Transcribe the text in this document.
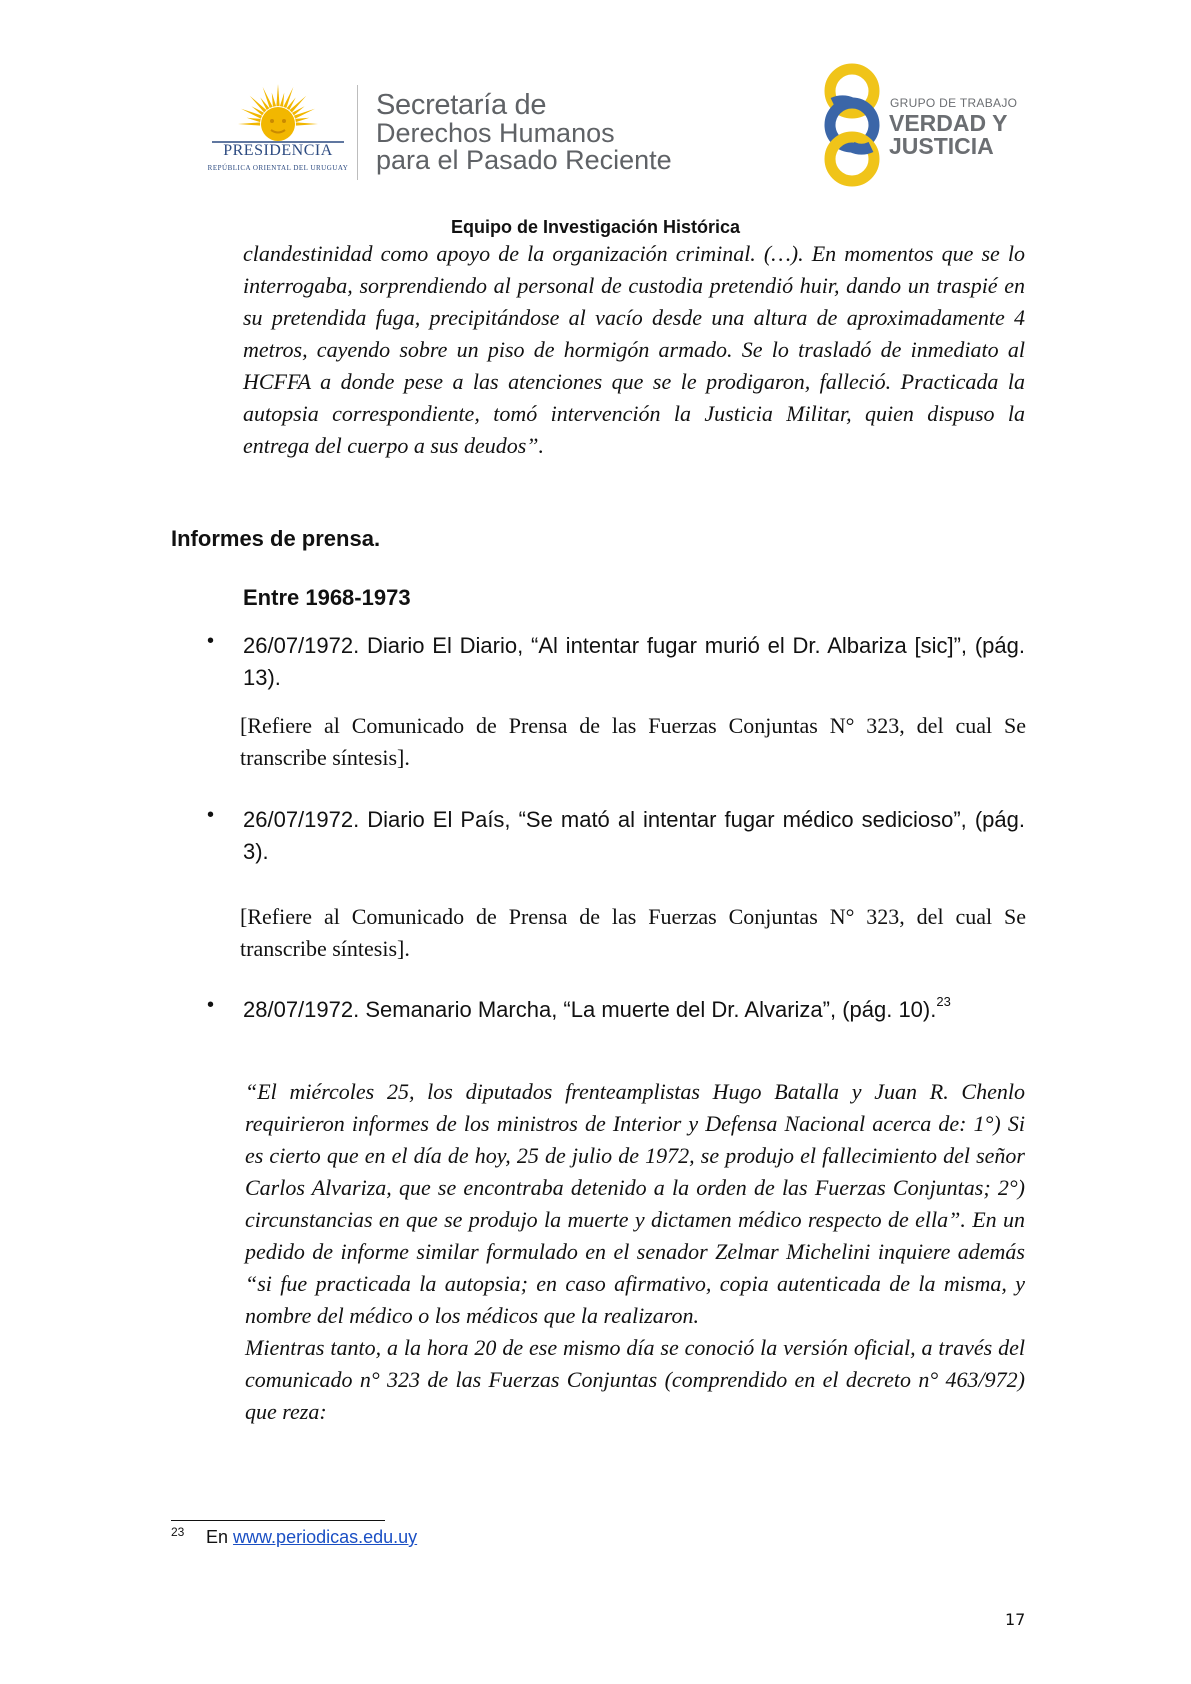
PRESIDENCIA
REPÚBLICA ORIENTAL DEL URUGUAY
Secretaría de
Derechos Humanos
para el Pasado Reciente
GRUPO DE TRABAJO
VERDAD Y
JUSTICIA
Equipo de Investigación Histórica

clandestinidad como apoyo de la organización criminal. (…). En momentos que se lo interrogaba, sorprendiendo al personal de custodia pretendió huir, dando un traspié en su pretendida fuga, precipitándose al vacío desde una altura de aproximadamente 4 metros, cayendo sobre un piso de hormigón armado. Se lo trasladó de inmediato al HCFFA a donde pese a las atenciones que se le prodigaron, falleció. Practicada la autopsia correspondiente, tomó intervención la Justicia Militar, quien dispuso la entrega del cuerpo a sus deudos”.

Informes de prensa.
Entre 1968-1973
• 26/07/1972. Diario El Diario, “Al intentar fugar murió el Dr. Albariza [sic]”, (pág. 13).

[Refiere al Comunicado de Prensa de las Fuerzas Conjuntas N° 323, del cual Se transcribe síntesis].

• 26/07/1972. Diario El País, “Se mató al intentar fugar médico sedicioso”, (pág. 3).

[Refiere al Comunicado de Prensa de las Fuerzas Conjuntas N° 323, del cual Se transcribe síntesis].

• 28/07/1972. Semanario Marcha, “La muerte del Dr. Alvariza”, (pág. 10).$^{23}$

“El miércoles 25, los diputados frenteamplistas Hugo Batalla y Juan R. Chenlo requirieron informes de los ministros de Interior y Defensa Nacional acerca de: 1°) Si es cierto que en el día de hoy, 25 de julio de 1972, se produjo el fallecimiento del señor Carlos Alvariza, que se encontraba detenido a la orden de las Fuerzas Conjuntas; 2°) circunstancias en que se produjo la muerte y dictamen médico respecto de ella”. En un pedido de informe similar formulado en el senador Zelmar Michelini inquiere además “si fue practicada la autopsia; en caso afirmativo, copia autenticada de la misma, y nombre del médico o los médicos que la realizaron.

Mientras tanto, a la hora 20 de ese mismo día se conoció la versión oficial, a través del comunicado n° 323 de las Fuerzas Conjuntas (comprendido en el decreto n° 463/972) que reza:

23 En www.periodicas.edu.uy
17
